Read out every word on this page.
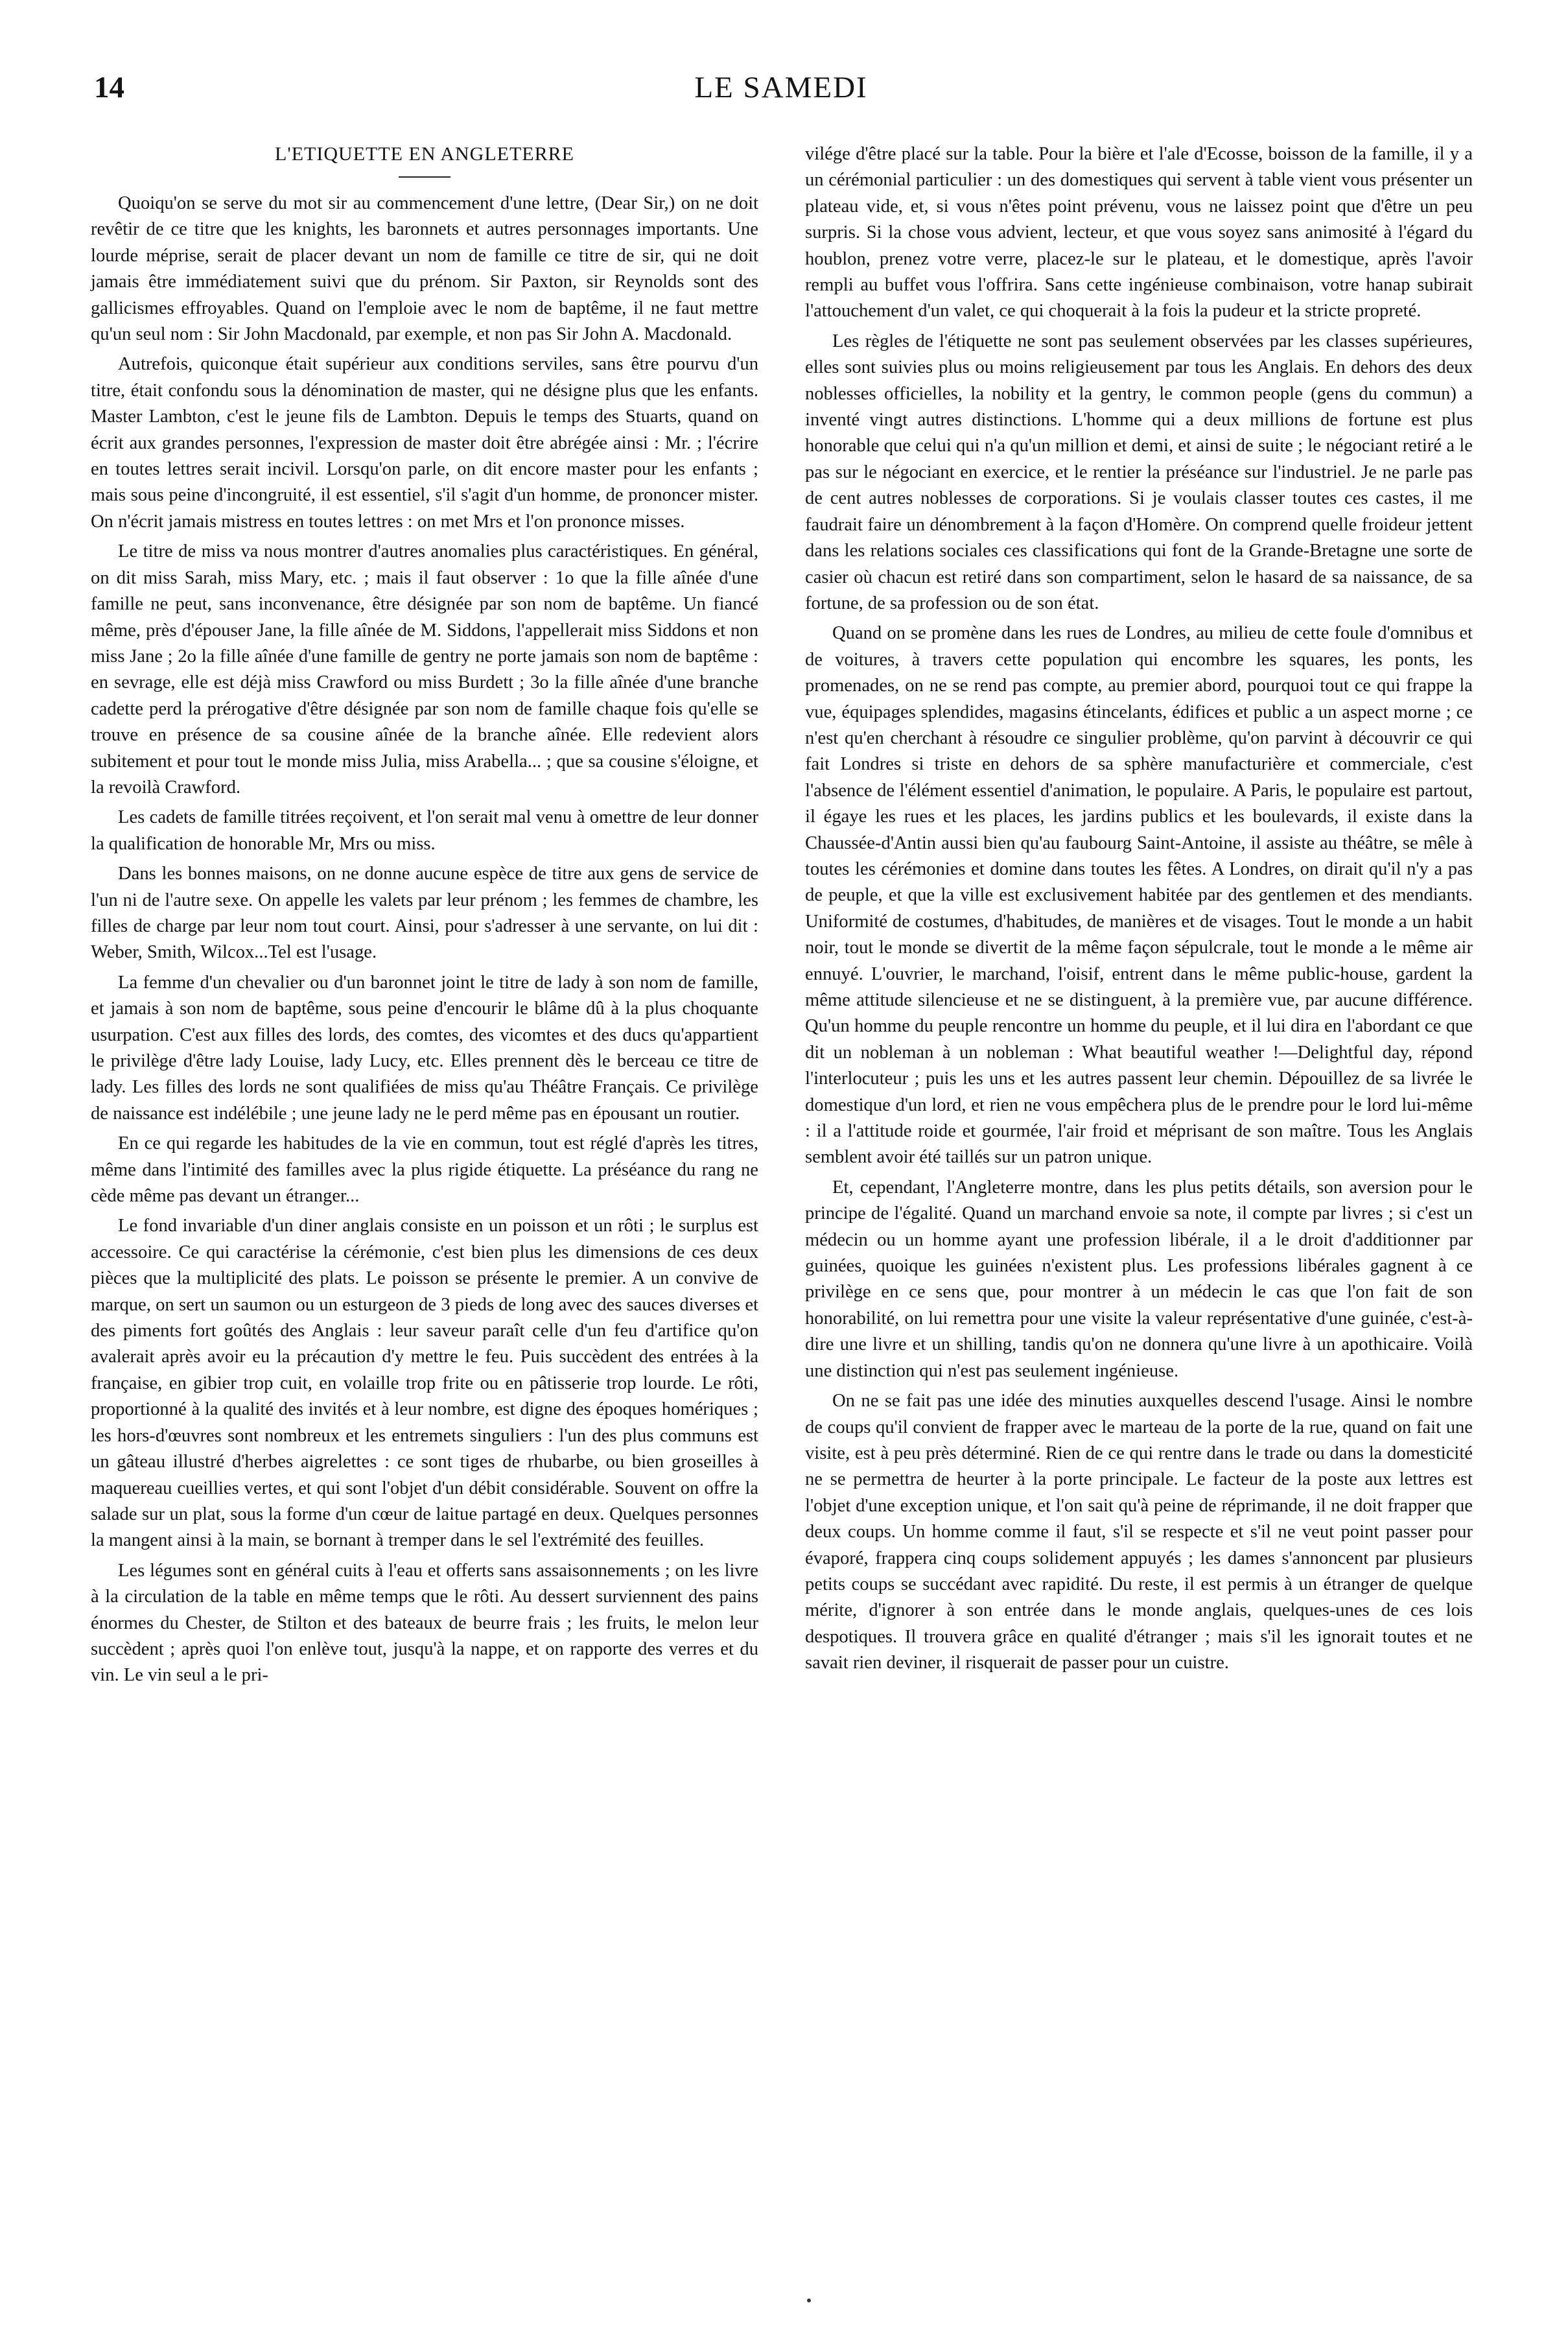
14	LE SAMEDI
L'ETIQUETTE EN ANGLETERRE

Quoiqu'on se serve du mot sir au commencement d'une lettre, (Dear Sir,) on ne doit revêtir de ce titre que les knights, les baronnets et autres personnages importants. Une lourde méprise, serait de placer devant un nom de famille ce titre de sir, qui ne doit jamais être immédiatement suivi que du prénom. Sir Paxton, sir Reynolds sont des gallicismes effroyables. Quand on l'emploie avec le nom de baptême, il ne faut mettre qu'un seul nom : Sir John Macdonald, par exemple, et non pas Sir John A. Macdonald.

Autrefois, quiconque était supérieur aux conditions serviles, sans être pourvu d'un titre, était confondu sous la dénomination de master, qui ne désigne plus que les enfants. Master Lambton, c'est le jeune fils de Lambton. Depuis le temps des Stuarts, quand on écrit aux grandes personnes, l'expression de master doit être abrégée ainsi : Mr. ; l'écrire en toutes lettres serait incivil. Lorsqu'on parle, on dit encore master pour les enfants ; mais sous peine d'incongruité, il est essentiel, s'il s'agit d'un homme, de prononcer mister. On n'écrit jamais mistress en toutes lettres : on met Mrs et l'on prononce misses.

Le titre de miss va nous montrer d'autres anomalies plus caractéristiques. En général, on dit miss Sarah, miss Mary, etc. ; mais il faut observer : 1o que la fille aînée d'une famille ne peut, sans inconvenance, être désignée par son nom de baptême. Un fiancé même, près d'épouser Jane, la fille aînée de M. Siddons, l'appellerait miss Siddons et non miss Jane ; 2o la fille aînée d'une famille de gentry ne porte jamais son nom de baptême : en sevrage, elle est déjà miss Crawford ou miss Burdett ; 3o la fille aînée d'une branche cadette perd la prérogative d'être désignée par son nom de famille chaque fois qu'elle se trouve en présence de sa cousine aînée de la branche aînée. Elle redevient alors subitement et pour tout le monde miss Julia, miss Arabella... ; que sa cousine s'éloigne, et la revoilà Crawford.

Les cadets de famille titrées reçoivent, et l'on serait mal venu à omettre de leur donner la qualification de honorable Mr, Mrs ou miss.

Dans les bonnes maisons, on ne donne aucune espèce de titre aux gens de service de l'un ni de l'autre sexe. On appelle les valets par leur prénom ; les femmes de chambre, les filles de charge par leur nom tout court. Ainsi, pour s'adresser à une servante, on lui dit : Weber, Smith, Wilcox...Tel est l'usage.

La femme d'un chevalier ou d'un baronnet joint le titre de lady à son nom de famille, et jamais à son nom de baptême, sous peine d'encourir le blâme dû à la plus choquante usurpation. C'est aux filles des lords, des comtes, des vicomtes et des ducs qu'appartient le privilège d'être lady Louise, lady Lucy, etc. Elles prennent dès le berceau ce titre de lady. Les filles des lords ne sont qualifiées de miss qu'au Théâtre Français. Ce privilège de naissance est indélébile ; une jeune lady ne le perd même pas en épousant un routier.

En ce qui regarde les habitudes de la vie en commun, tout est réglé d'après les titres, même dans l'intimité des familles avec la plus rigide étiquette. La préséance du rang ne cède même pas devant un étranger...

Le fond invariable d'un diner anglais consiste en un poisson et un rôti ; le surplus est accessoire. Ce qui caractérise la cérémonie, c'est bien plus les dimensions de ces deux pièces que la multiplicité des plats. Le poisson se présente le premier. A un convive de marque, on sert un saumon ou un esturgeon de 3 pieds de long avec des sauces diverses et des piments fort goûtés des Anglais : leur saveur paraît celle d'un feu d'artifice qu'on avalerait après avoir eu la précaution d'y mettre le feu. Puis succèdent des entrées à la française, en gibier trop cuit, en volaille trop frite ou en pâtisserie trop lourde. Le rôti, proportionné à la qualité des invités et à leur nombre, est digne des époques homériques ; les hors-d'œuvres sont nombreux et les entremets singuliers : l'un des plus communs est un gâteau illustré d'herbes aigrelettes : ce sont tiges de rhubarbe, ou bien groseilles à maquereau cueillies vertes, et qui sont l'objet d'un débit considérable. Souvent on offre la salade sur un plat, sous la forme d'un cœur de laitue partagé en deux. Quelques personnes la mangent ainsi à la main, se bornant à tremper dans le sel l'extrémité des feuilles.

Les légumes sont en général cuits à l'eau et offerts sans assaisonnements ; on les livre à la circulation de la table en même temps que le rôti. Au dessert surviennent des pains énormes du Chester, de Stilton et des bateaux de beurre frais ; les fruits, le melon leur succèdent ; après quoi l'on enlève tout, jusqu'à la nappe, et on rapporte des verres et du vin. Le vin seul a le pri-

vilége d'être placé sur la table. Pour la bière et l'ale d'Ecosse, boisson de la famille, il y a un cérémonial particulier : un des domestiques qui servent à table vient vous présenter un plateau vide, et, si vous n'êtes point prévenu, vous ne laissez point que d'être un peu surpris. Si la chose vous advient, lecteur, et que vous soyez sans animosité à l'égard du houblon, prenez votre verre, placez-le sur le plateau, et le domestique, après l'avoir rempli au buffet vous l'offrira. Sans cette ingénieuse combinaison, votre hanap subirait l'attouchement d'un valet, ce qui choquerait à la fois la pudeur et la stricte propreté.

Les règles de l'étiquette ne sont pas seulement observées par les classes supérieures, elles sont suivies plus ou moins religieusement par tous les Anglais. En dehors des deux noblesses officielles, la nobility et la gentry, le common people (gens du commun) a inventé vingt autres distinctions. L'homme qui a deux millions de fortune est plus honorable que celui qui n'a qu'un million et demi, et ainsi de suite ; le négociant retiré a le pas sur le négociant en exercice, et le rentier la préséance sur l'industriel. Je ne parle pas de cent autres noblesses de corporations. Si je voulais classer toutes ces castes, il me faudrait faire un dénombrement à la façon d'Homère. On comprend quelle froideur jettent dans les relations sociales ces classifications qui font de la Grande-Bretagne une sorte de casier où chacun est retiré dans son compartiment, selon le hasard de sa naissance, de sa fortune, de sa profession ou de son état.

Quand on se promène dans les rues de Londres, au milieu de cette foule d'omnibus et de voitures, à travers cette population qui encombre les squares, les ponts, les promenades, on ne se rend pas compte, au premier abord, pourquoi tout ce qui frappe la vue, équipages splendides, magasins étincelants, édifices et public a un aspect morne ; ce n'est qu'en cherchant à résoudre ce singulier problème, qu'on parvint à découvrir ce qui fait Londres si triste en dehors de sa sphère manufacturière et commerciale, c'est l'absence de l'élément essentiel d'animation, le populaire. A Paris, le populaire est partout, il égaye les rues et les places, les jardins publics et les boulevards, il existe dans la Chaussée-d'Antin aussi bien qu'au faubourg Saint-Antoine, il assiste au théâtre, se mêle à toutes les cérémonies et domine dans toutes les fêtes. A Londres, on dirait qu'il n'y a pas de peuple, et que la ville est exclusivement habitée par des gentlemen et des mendiants. Uniformité de costumes, d'habitudes, de manières et de visages. Tout le monde a un habit noir, tout le monde se divertit de la même façon sépulcrale, tout le monde a le même air ennuyé. L'ouvrier, le marchand, l'oisif, entrent dans le même public-house, gardent la même attitude silencieuse et ne se distinguent, à la première vue, par aucune différence. Qu'un homme du peuple rencontre un homme du peuple, et il lui dira en l'abordant ce que dit un nobleman à un nobleman : What beautiful weather !—Delightful day, répond l'interlocuteur ; puis les uns et les autres passent leur chemin. Dépouillez de sa livrée le domestique d'un lord, et rien ne vous empêchera plus de le prendre pour le lord lui-même : il a l'attitude roide et gourmée, l'air froid et méprisant de son maître. Tous les Anglais semblent avoir été taillés sur un patron unique.

Et, cependant, l'Angleterre montre, dans les plus petits détails, son aversion pour le principe de l'égalité. Quand un marchand envoie sa note, il compte par livres ; si c'est un médecin ou un homme ayant une profession libérale, il a le droit d'additionner par guinées, quoique les guinées n'existent plus. Les professions libérales gagnent à ce privilège en ce sens que, pour montrer à un médecin le cas que l'on fait de son honorabilité, on lui remettra pour une visite la valeur représentative d'une guinée, c'est-à-dire une livre et un shilling, tandis qu'on ne donnera qu'une livre à un apothicaire. Voilà une distinction qui n'est pas seulement ingénieuse.

On ne se fait pas une idée des minuties auxquelles descend l'usage. Ainsi le nombre de coups qu'il convient de frapper avec le marteau de la porte de la rue, quand on fait une visite, est à peu près déterminé. Rien de ce qui rentre dans le trade ou dans la domesticité ne se permettra de heurter à la porte principale. Le facteur de la poste aux lettres est l'objet d'une exception unique, et l'on sait qu'à peine de réprimande, il ne doit frapper que deux coups. Un homme comme il faut, s'il se respecte et s'il ne veut point passer pour évaporé, frappera cinq coups solidement appuyés ; les dames s'annoncent par plusieurs petits coups se succédant avec rapidité. Du reste, il est permis à un étranger de quelque mérite, d'ignorer à son entrée dans le monde anglais, quelques-unes de ces lois despotiques. Il trouvera grâce en qualité d'étranger ; mais s'il les ignorait toutes et ne savait rien deviner, il risquerait de passer pour un cuistre.
